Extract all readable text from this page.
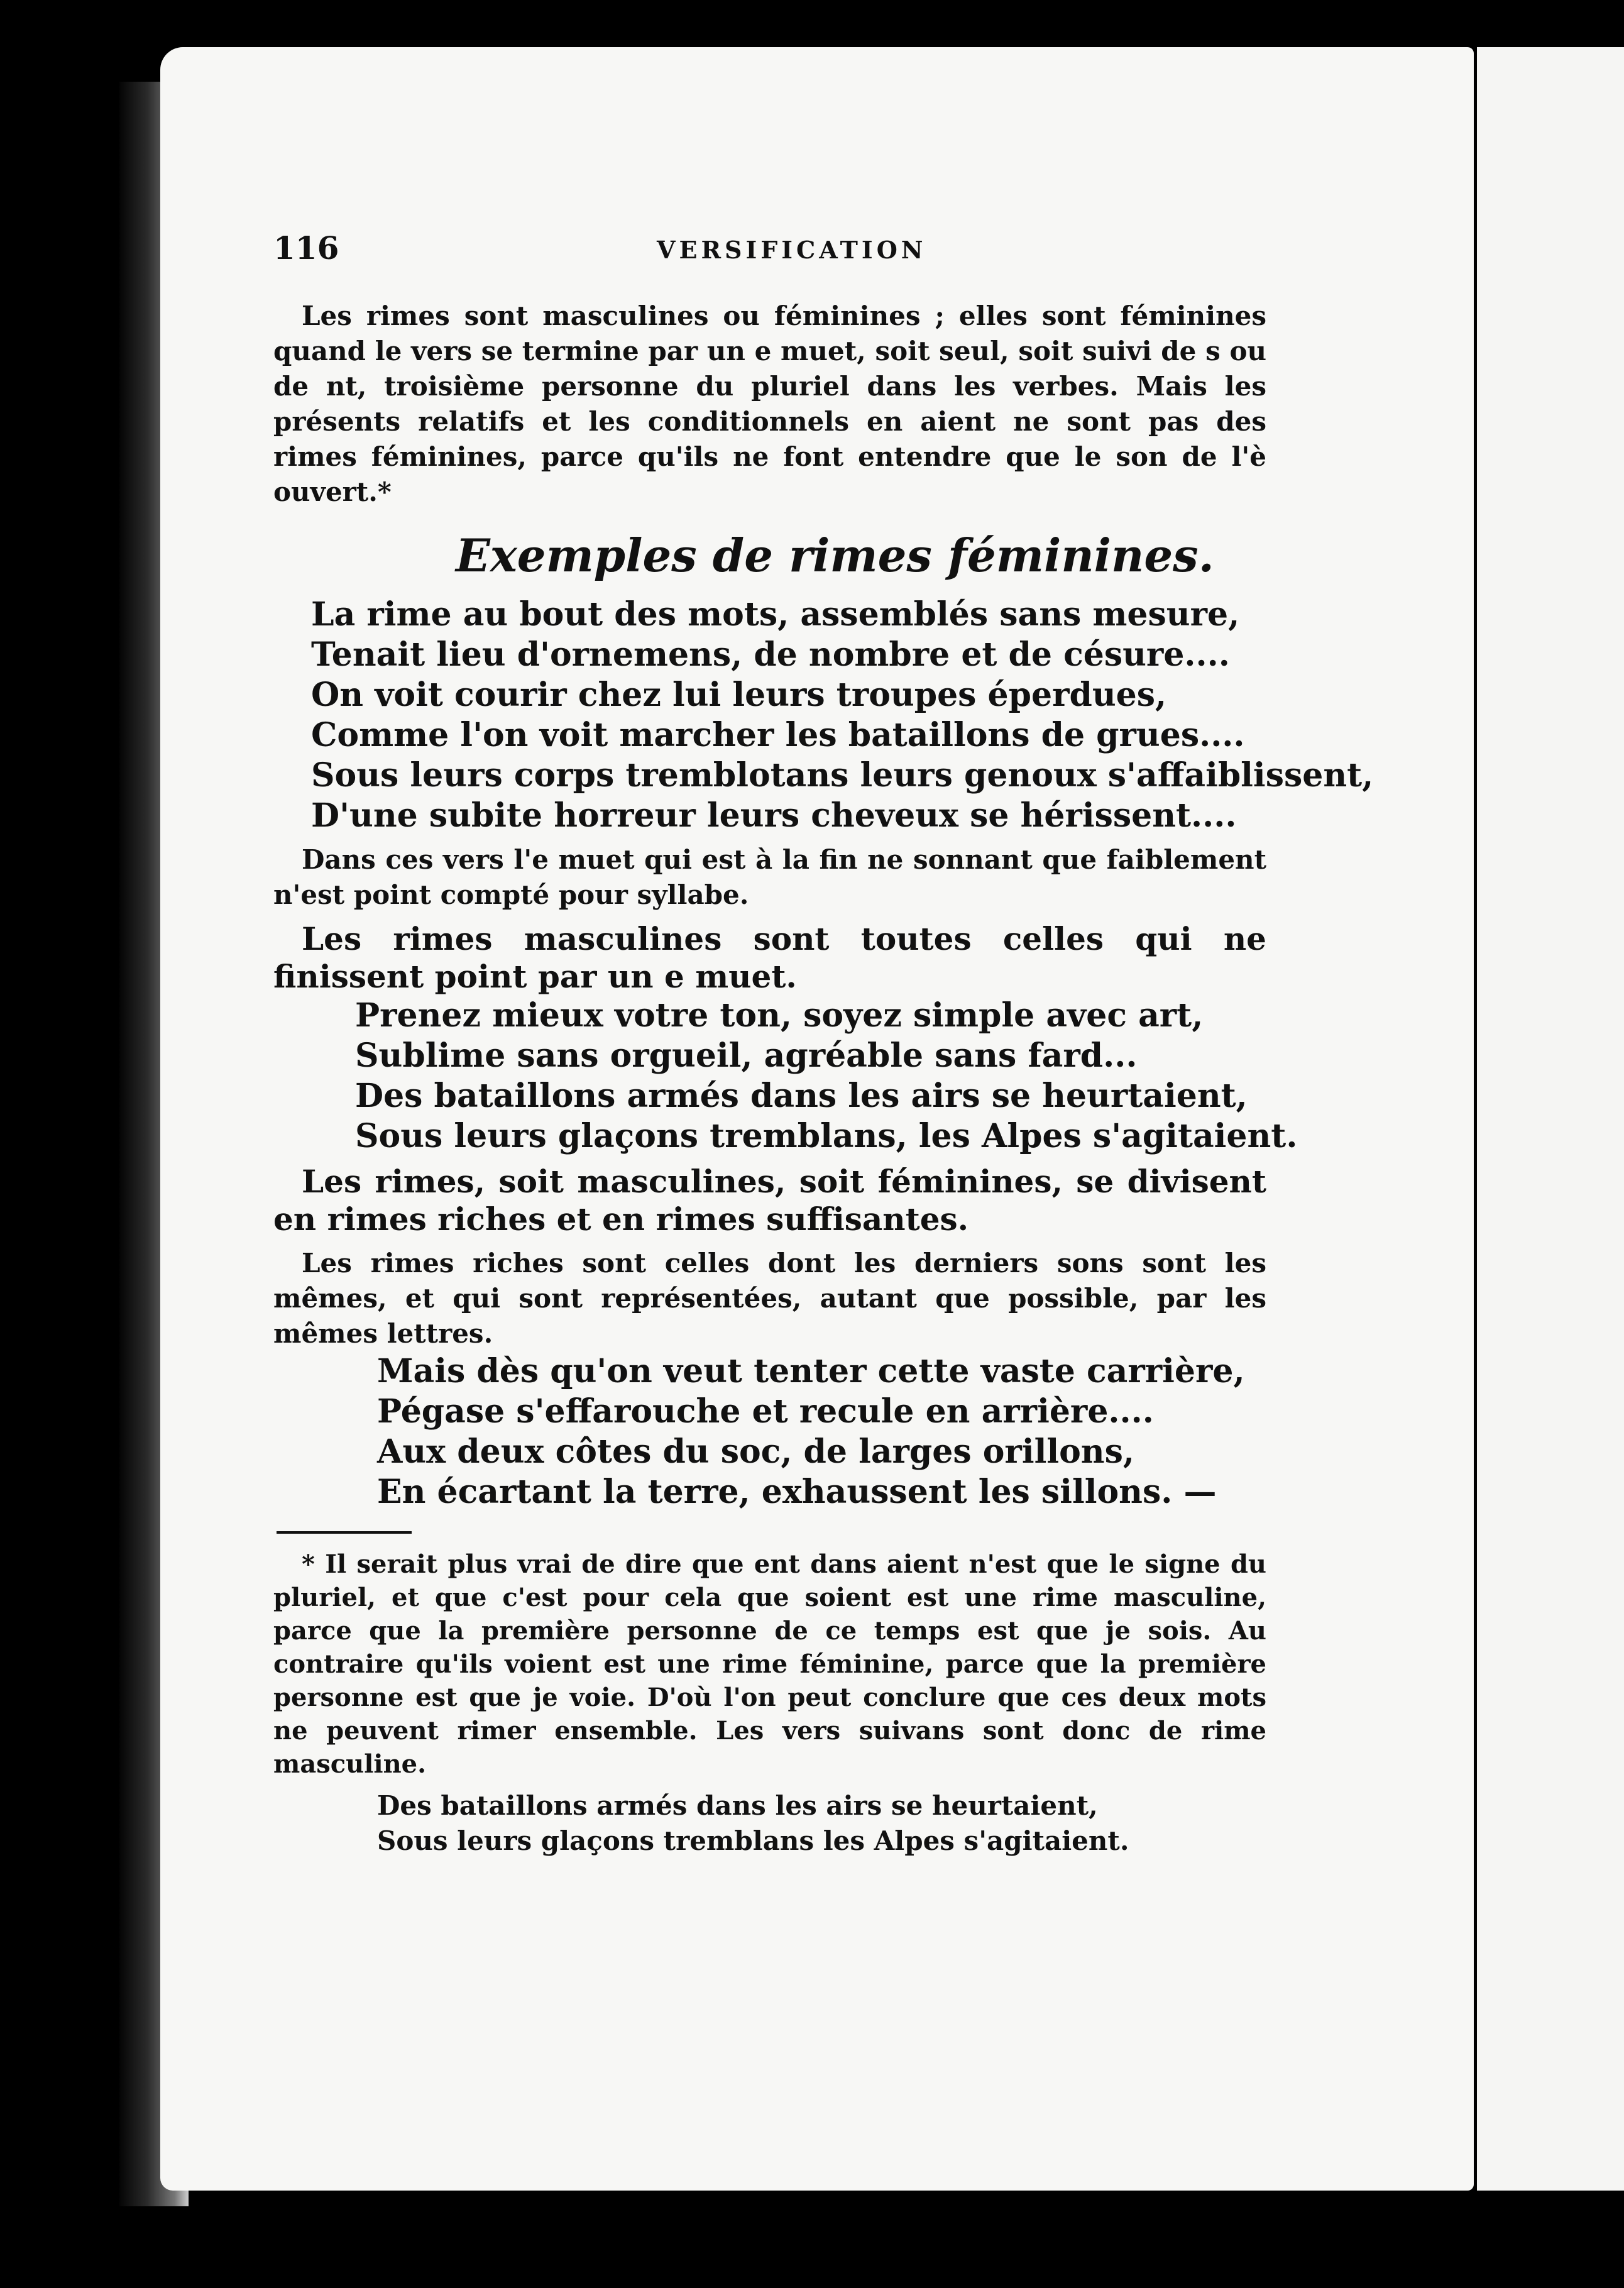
116	VERSIFICATION

Les rimes sont masculines ou féminines ; elles sont féminines quand le vers se termine par un e muet, soit seul, soit suivi de s ou de nt, troisième personne du pluriel dans les verbes. Mais les présents relatifs et les conditionnels en aient ne sont pas des rimes féminines, parce qu'ils ne font entendre que le son de l'è ouvert.*

Exemples de rimes féminines.
La rime au bout des mots, assemblés sans mesure,
Tenait lieu d'ornemens, de nombre et de césure....
On voit courir chez lui leurs troupes éperdues,
Comme l'on voit marcher les bataillons de grues....
Sous leurs corps tremblotans leurs genoux s'affaiblissent,
D'une subite horreur leurs cheveux se hérissent....

Dans ces vers l'e muet qui est à la fin ne sonnant que faiblement n'est point compté pour syllabe.

Les rimes masculines sont toutes celles qui ne finissent point par un e muet.

Prenez mieux votre ton, soyez simple avec art,
Sublime sans orgueil, agréable sans fard...
Des bataillons armés dans les airs se heurtaient,
Sous leurs glaçons tremblans, les Alpes s'agitaient.

Les rimes, soit masculines, soit féminines, se divisent en rimes riches et en rimes suffisantes.

Les rimes riches sont celles dont les derniers sons sont les mêmes, et qui sont représentées, autant que possible, par les mêmes lettres.

Mais dès qu'on veut tenter cette vaste carrière,
Pégase s'effarouche et recule en arrière....
Aux deux côtes du soc, de larges orillons,
En écartant la terre, exhaussent les sillons. —

* Il serait plus vrai de dire que ent dans aient n'est que le signe du pluriel, et que c'est pour cela que soient est une rime masculine, parce que la première personne de ce temps est que je sois. Au contraire qu'ils voient est une rime féminine, parce que la première personne est que je voie. D'où l'on peut conclure que ces deux mots ne peuvent rimer ensemble. Les vers suivans sont donc de rime masculine.

Des bataillons armés dans les airs se heurtaient,
Sous leurs glaçons tremblans les Alpes s'agitaient.
